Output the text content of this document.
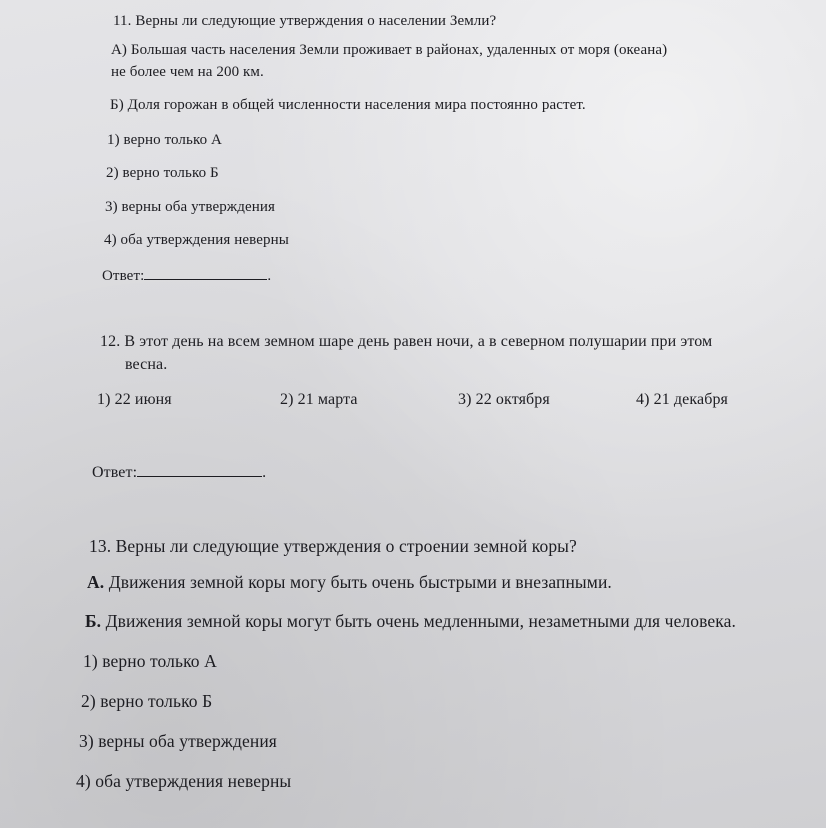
11. Верны ли следующие утверждения о населении Земли?
А) Большая часть населения Земли проживает в районах, удаленных от моря (океана)
не более чем на 200 км.
Б) Доля горожан в общей численности населения мира постоянно растет.
1) верно только А
2) верно только Б
3) верны оба утверждения
4) оба утверждения неверны
Ответ:	.
12. В этот день на всем земном шаре день равен ночи, а в северном полушарии при этом
весна.
1) 22 июня	2) 21 марта	3) 22 октября	4) 21 декабря
Ответ:	.
13. Верны ли следующие утверждения о строении земной коры?
А. Движения земной коры могу быть очень быстрыми и внезапными.
Б. Движения земной коры могут быть очень медленными, незаметными для человека.
1) верно только А
2) верно только Б
3) верны оба утверждения
4) оба утверждения неверны
